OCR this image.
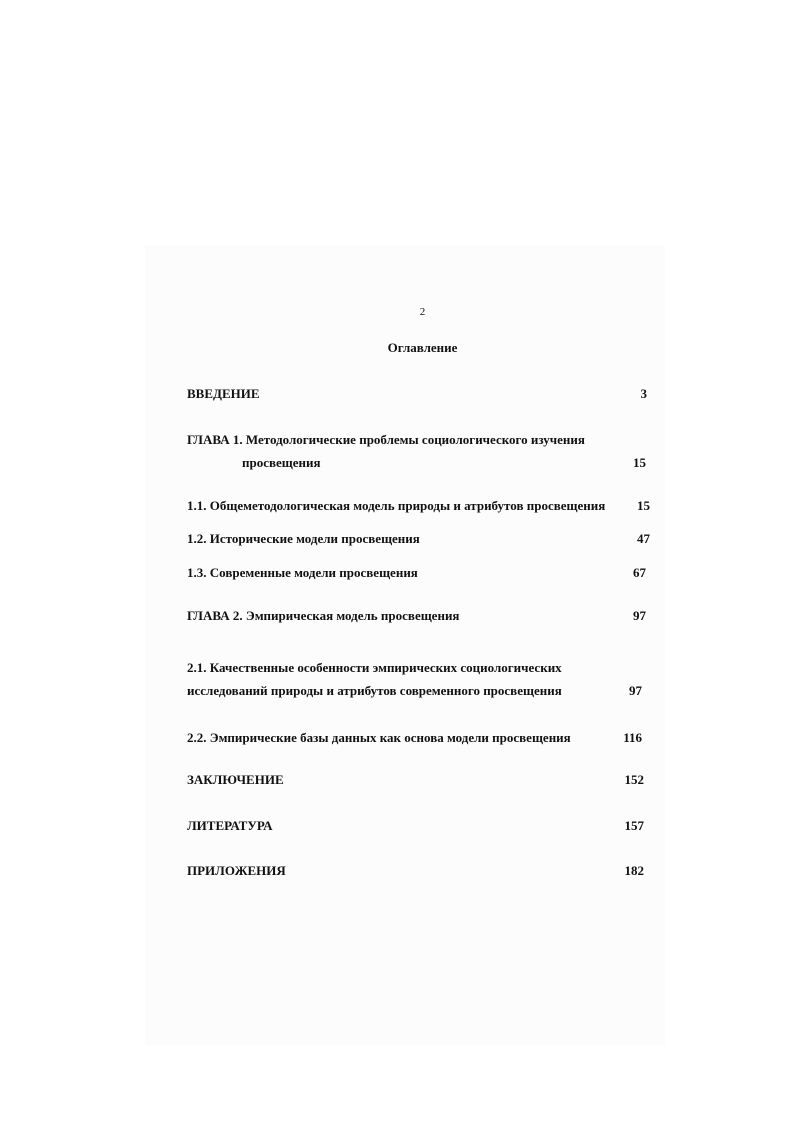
2
Оглавление
ВВЕДЕНИЕ	3
ГЛАВА 1. Методологические проблемы социологического изучения
просвещения	15
1.1. Общеметодологическая модель природы и атрибутов просвещения	15
1.2. Исторические модели просвещения	47
1.3. Современные модели просвещения	67
ГЛАВА 2. Эмпирическая модель просвещения	97
2.1. Качественные особенности эмпирических социологических
исследований природы и атрибутов современного просвещения	97
2.2. Эмпирические базы данных как основа модели просвещения	116
ЗАКЛЮЧЕНИЕ	152
ЛИТЕРАТУРА	157
ПРИЛОЖЕНИЯ	182
